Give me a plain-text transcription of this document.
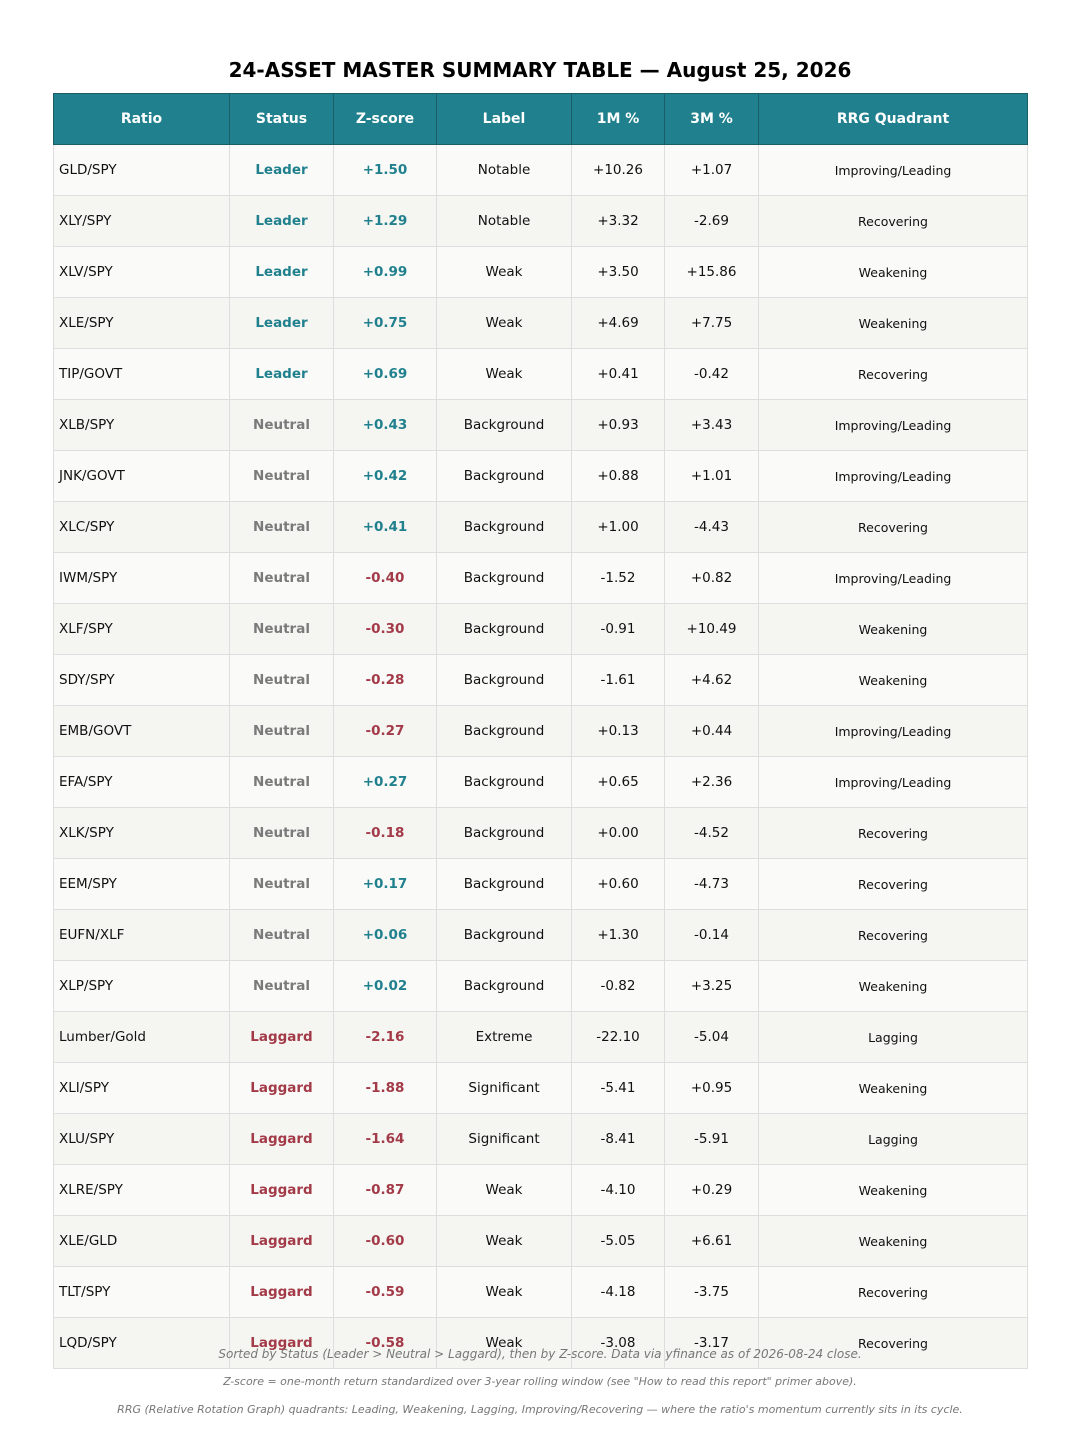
24-ASSET MASTER SUMMARY TABLE — August 25, 2026
Ratio	Status	Z-score	Label	1M %	3M %	RRG Quadrant
GLD/SPY	Leader	+1.50	Notable	+10.26	+1.07	Improving/Leading
XLY/SPY	Leader	+1.29	Notable	+3.32	-2.69	Recovering
XLV/SPY	Leader	+0.99	Weak	+3.50	+15.86	Weakening
XLE/SPY	Leader	+0.75	Weak	+4.69	+7.75	Weakening
TIP/GOVT	Leader	+0.69	Weak	+0.41	-0.42	Recovering
XLB/SPY	Neutral	+0.43	Background	+0.93	+3.43	Improving/Leading
JNK/GOVT	Neutral	+0.42	Background	+0.88	+1.01	Improving/Leading
XLC/SPY	Neutral	+0.41	Background	+1.00	-4.43	Recovering
IWM/SPY	Neutral	-0.40	Background	-1.52	+0.82	Improving/Leading
XLF/SPY	Neutral	-0.30	Background	-0.91	+10.49	Weakening
SDY/SPY	Neutral	-0.28	Background	-1.61	+4.62	Weakening
EMB/GOVT	Neutral	-0.27	Background	+0.13	+0.44	Improving/Leading
EFA/SPY	Neutral	+0.27	Background	+0.65	+2.36	Improving/Leading
XLK/SPY	Neutral	-0.18	Background	+0.00	-4.52	Recovering
EEM/SPY	Neutral	+0.17	Background	+0.60	-4.73	Recovering
EUFN/XLF	Neutral	+0.06	Background	+1.30	-0.14	Recovering
XLP/SPY	Neutral	+0.02	Background	-0.82	+3.25	Weakening
Lumber/Gold	Laggard	-2.16	Extreme	-22.10	-5.04	Lagging
XLI/SPY	Laggard	-1.88	Significant	-5.41	+0.95	Weakening
XLU/SPY	Laggard	-1.64	Significant	-8.41	-5.91	Lagging
XLRE/SPY	Laggard	-0.87	Weak	-4.10	+0.29	Weakening
XLE/GLD	Laggard	-0.60	Weak	-5.05	+6.61	Weakening
TLT/SPY	Laggard	-0.59	Weak	-4.18	-3.75	Recovering
LQD/SPY	Laggard	-0.58	Weak	-3.08	-3.17	Recovering
Sorted by Status (Leader > Neutral > Laggard), then by Z-score. Data via yfinance as of 2026-08-24 close.
Z-score = one-month return standardized over 3-year rolling window (see "How to read this report" primer above).
RRG (Relative Rotation Graph) quadrants: Leading, Weakening, Lagging, Improving/Recovering — where the ratio's momentum currently sits in its cycle.
